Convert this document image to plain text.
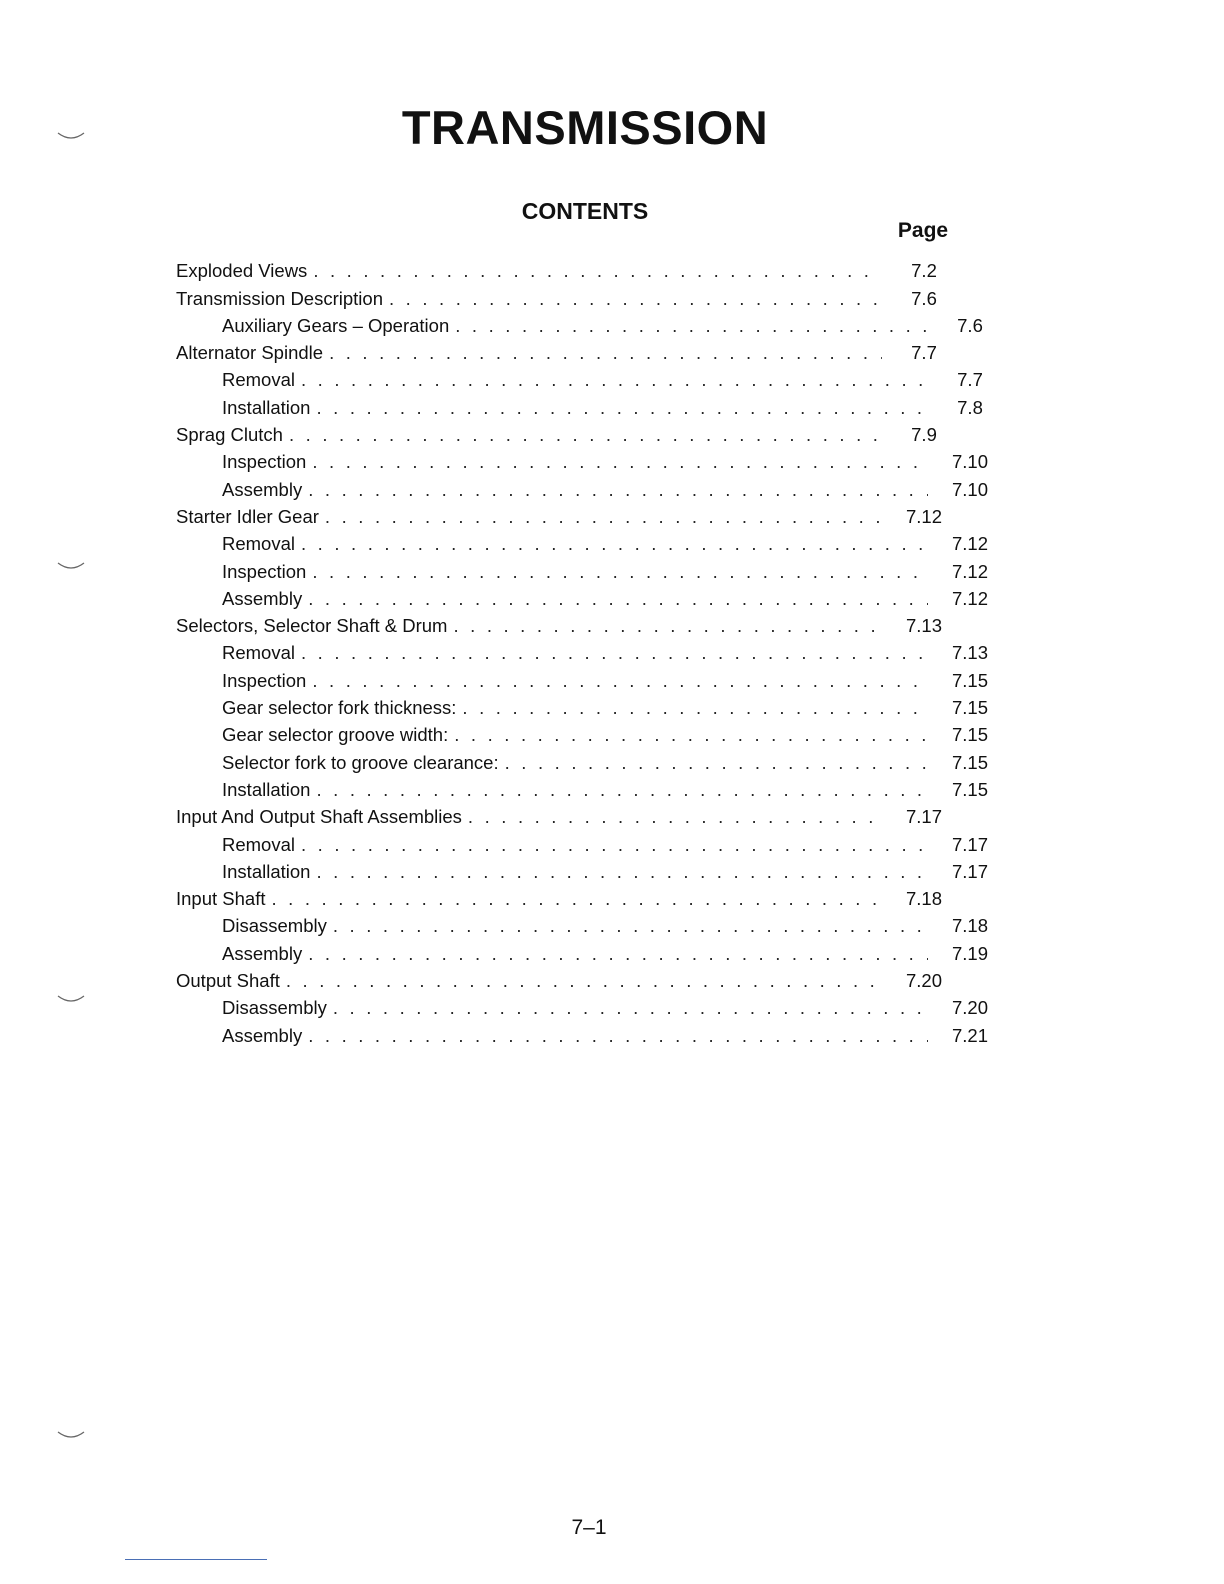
TRANSMISSION
CONTENTS
Page
Exploded Views . . .	7.2
Transmission Description . . .	7.6
Auxiliary Gears – Operation . . .	7.6
Alternator Spindle . . .	7.7
Removal . . .	7.7
Installation . . .	7.8
Sprag Clutch . . .	7.9
Inspection . . .	7.10
Assembly . . .	7.10
Starter Idler Gear . . .	7.12
Removal . . .	7.12
Inspection . . .	7.12
Assembly . . .	7.12
Selectors, Selector Shaft & Drum . . .	7.13
Removal . . .	7.13
Inspection . . .	7.15
Gear selector fork thickness: . . .	7.15
Gear selector groove width: . . .	7.15
Selector fork to groove clearance: . . .	7.15
Installation . . .	7.15
Input And Output Shaft Assemblies . . .	7.17
Removal . . .	7.17
Installation . . .	7.17
Input Shaft . . .	7.18
Disassembly . . .	7.18
Assembly . . .	7.19
Output Shaft . . .	7.20
Disassembly . . .	7.20
Assembly . . .	7.21
7–1
